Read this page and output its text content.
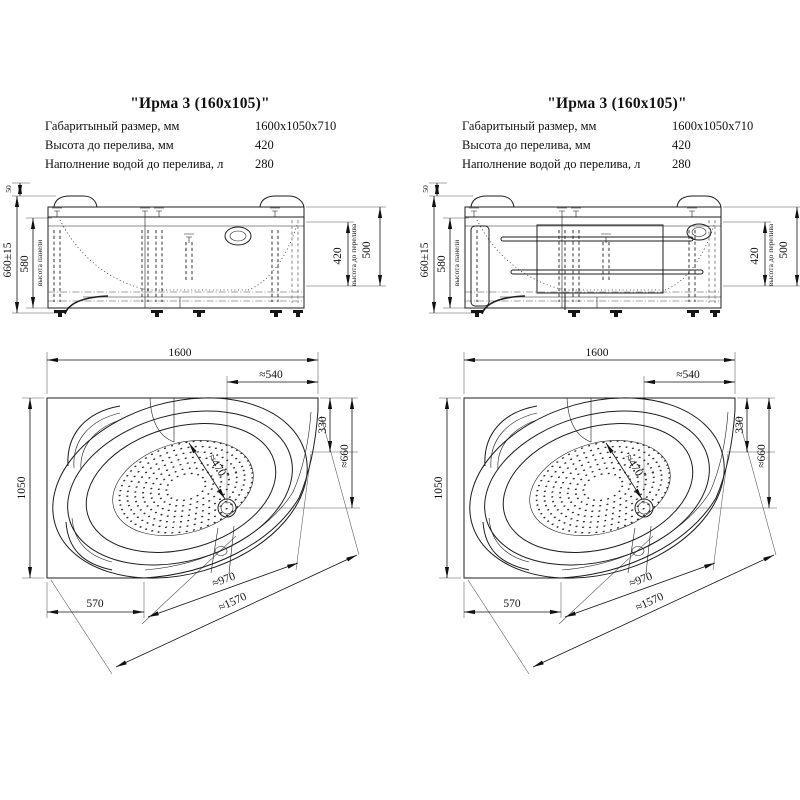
"Ирма 3 (160x105)"
Габаритыный размер, мм	1600x1050x710
Высота до перелива, мм	420
Наполнение водой до перелива, л	280
50
660±15 580 высота панели	420 высота до перелива 500
1600
≈540
1050
330
≈660
570
≈470
≈970
≈1570
"Ирма 3 (160x105)"
Габаритыный размер, мм	1600x1050x710
Высота до перелива, мм	420
Наполнение водой до перелива, л	280
50
660±15 580 высота панели	420 высота до перелива 500
1600
≈540
1050
330
≈660
570
≈470
≈970
≈1570
